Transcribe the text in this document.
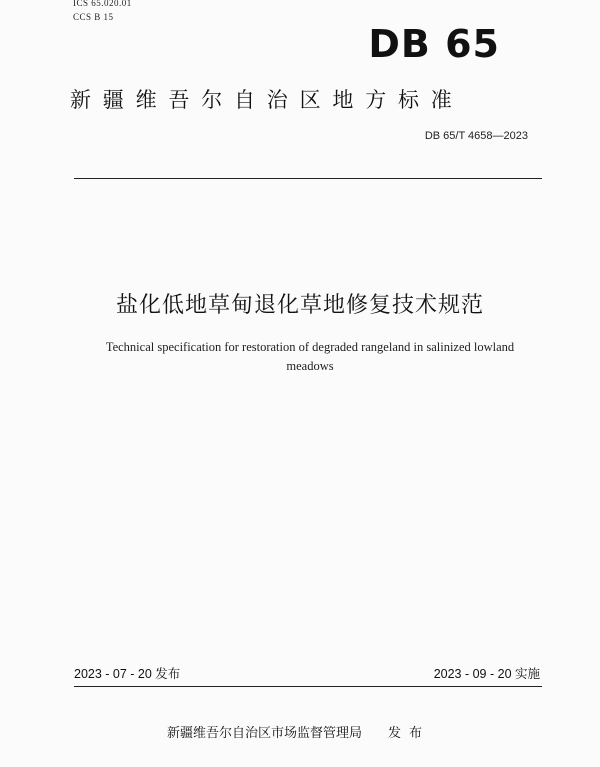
ICS 65.020.01
CCS B 15
DB 65
新疆维吾尔自治区地方标准
DB 65/T 4658—2023
盐化低地草甸退化草地修复技术规范
Technical specification for restoration of degraded rangeland in salinized lowland
meadows
2023 - 07 - 20 发布	2023 - 09 - 20 实施
新疆维吾尔自治区市场监督管理局 发布
